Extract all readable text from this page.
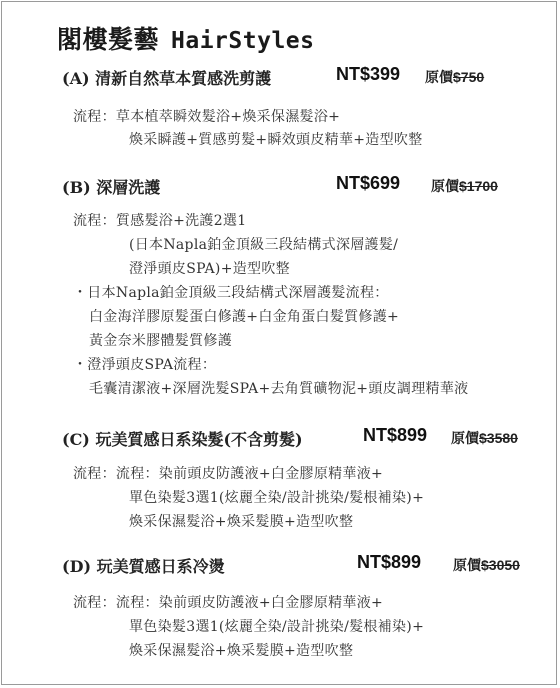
閣樓髮藝 HairStyles
(A) 清新自然草本質感洗剪護	NT$399 原價$750
流程：草本植萃瞬效髮浴+煥采保濕髮浴+
煥采瞬護+質感剪髮+瞬效頭皮精華+造型吹整
(B) 深層洗護	NT$699 原價$1700
流程：質感髮浴+洗護2選1
(日本Napla鉑金頂級三段結構式深層護髮/
澄淨頭皮SPA)+造型吹整
・日本Napla鉑金頂級三段結構式深層護髮流程：
白金海洋膠原髮蛋白修護+白金角蛋白髮質修護+
黃金奈米膠體髮質修護
・澄淨頭皮SPA流程：
毛囊清潔液+深層洗髮SPA+去角質礦物泥+頭皮調理精華液
(C) 玩美質感日系染髮(不含剪髮)	NT$899 原價$3580
流程：流程：染前頭皮防護液+白金膠原精華液+
單色染髮3選1(炫麗全染/設計挑染/髮根補染)+
煥采保濕髮浴+煥采髮膜+造型吹整
(D) 玩美質感日系冷燙	NT$899 原價$3050
流程：流程：染前頭皮防護液+白金膠原精華液+
單色染髮3選1(炫麗全染/設計挑染/髮根補染)+
煥采保濕髮浴+煥采髮膜+造型吹整
